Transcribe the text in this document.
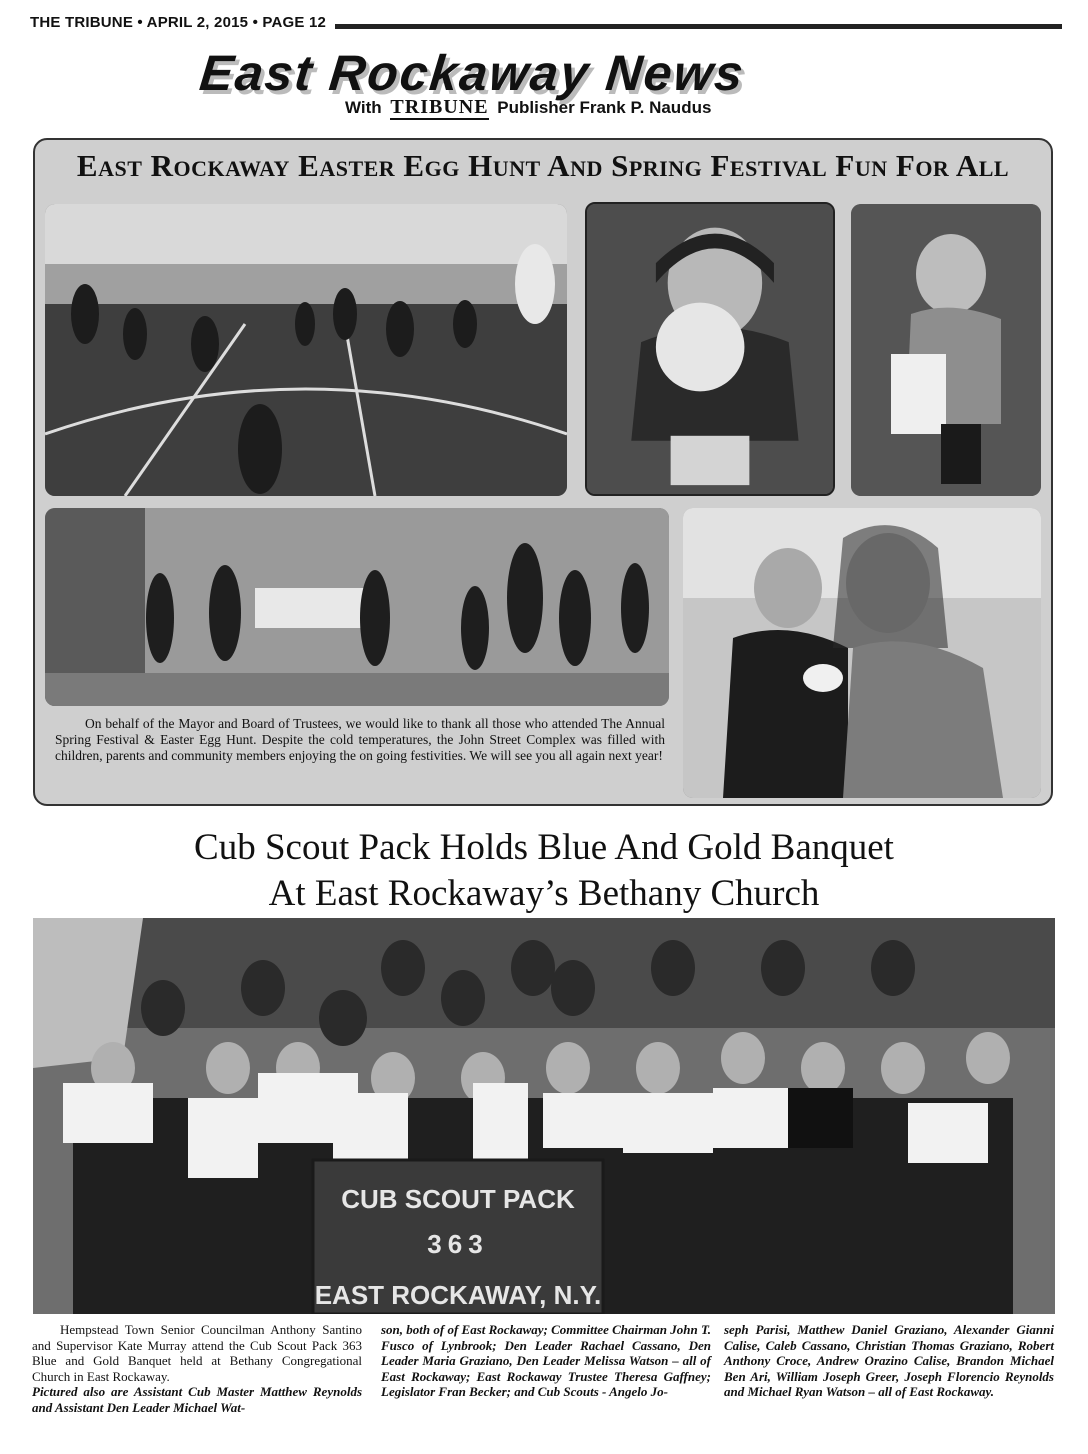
THE TRIBUNE • APRIL 2, 2015 • PAGE 12
East Rockaway News
With TRIBUNE Publisher Frank P. Naudus
East Rockaway Easter Egg Hunt And Spring Festival Fun For All
On behalf of the Mayor and Board of Trustees, we would like to thank all those who attended The Annual Spring Festival & Easter Egg Hunt. Despite the cold temperatures, the John Street Complex was filled with children, parents and community members enjoying the on going festivities. We will see you all again next year!
Cub Scout Pack Holds Blue And Gold Banquet
At East Rockaway’s Bethany Church
CUB SCOUT PACK
363
EAST ROCKAWAY, N.Y.
Hempstead Town Senior Councilman Anthony Santino and Supervisor Kate Murray attend the Cub Scout Pack 363 Blue and Gold Banquet held at Bethany Congregational Church in East Rockaway.
Pictured also are Assistant Cub Master Matthew Reynolds and Assistant Den Leader Michael Wat-
son, both of of East Rockaway; Committee Chairman John T. Fusco of Lynbrook; Den Leader Rachael Cassano, Den Leader Maria Graziano, Den Leader Melissa Watson – all of East Rockaway; East Rockaway Trustee Theresa Gaffney; Legislator Fran Becker; and Cub Scouts - Angelo Jo-
seph Parisi, Matthew Daniel Graziano, Alexander Gianni Calise, Caleb Cassano, Christian Thomas Graziano, Robert Anthony Croce, Andrew Orazino Calise, Brandon Michael Ben Ari, William Joseph Greer, Joseph Florencio Reynolds and Michael Ryan Watson – all of East Rockaway.
